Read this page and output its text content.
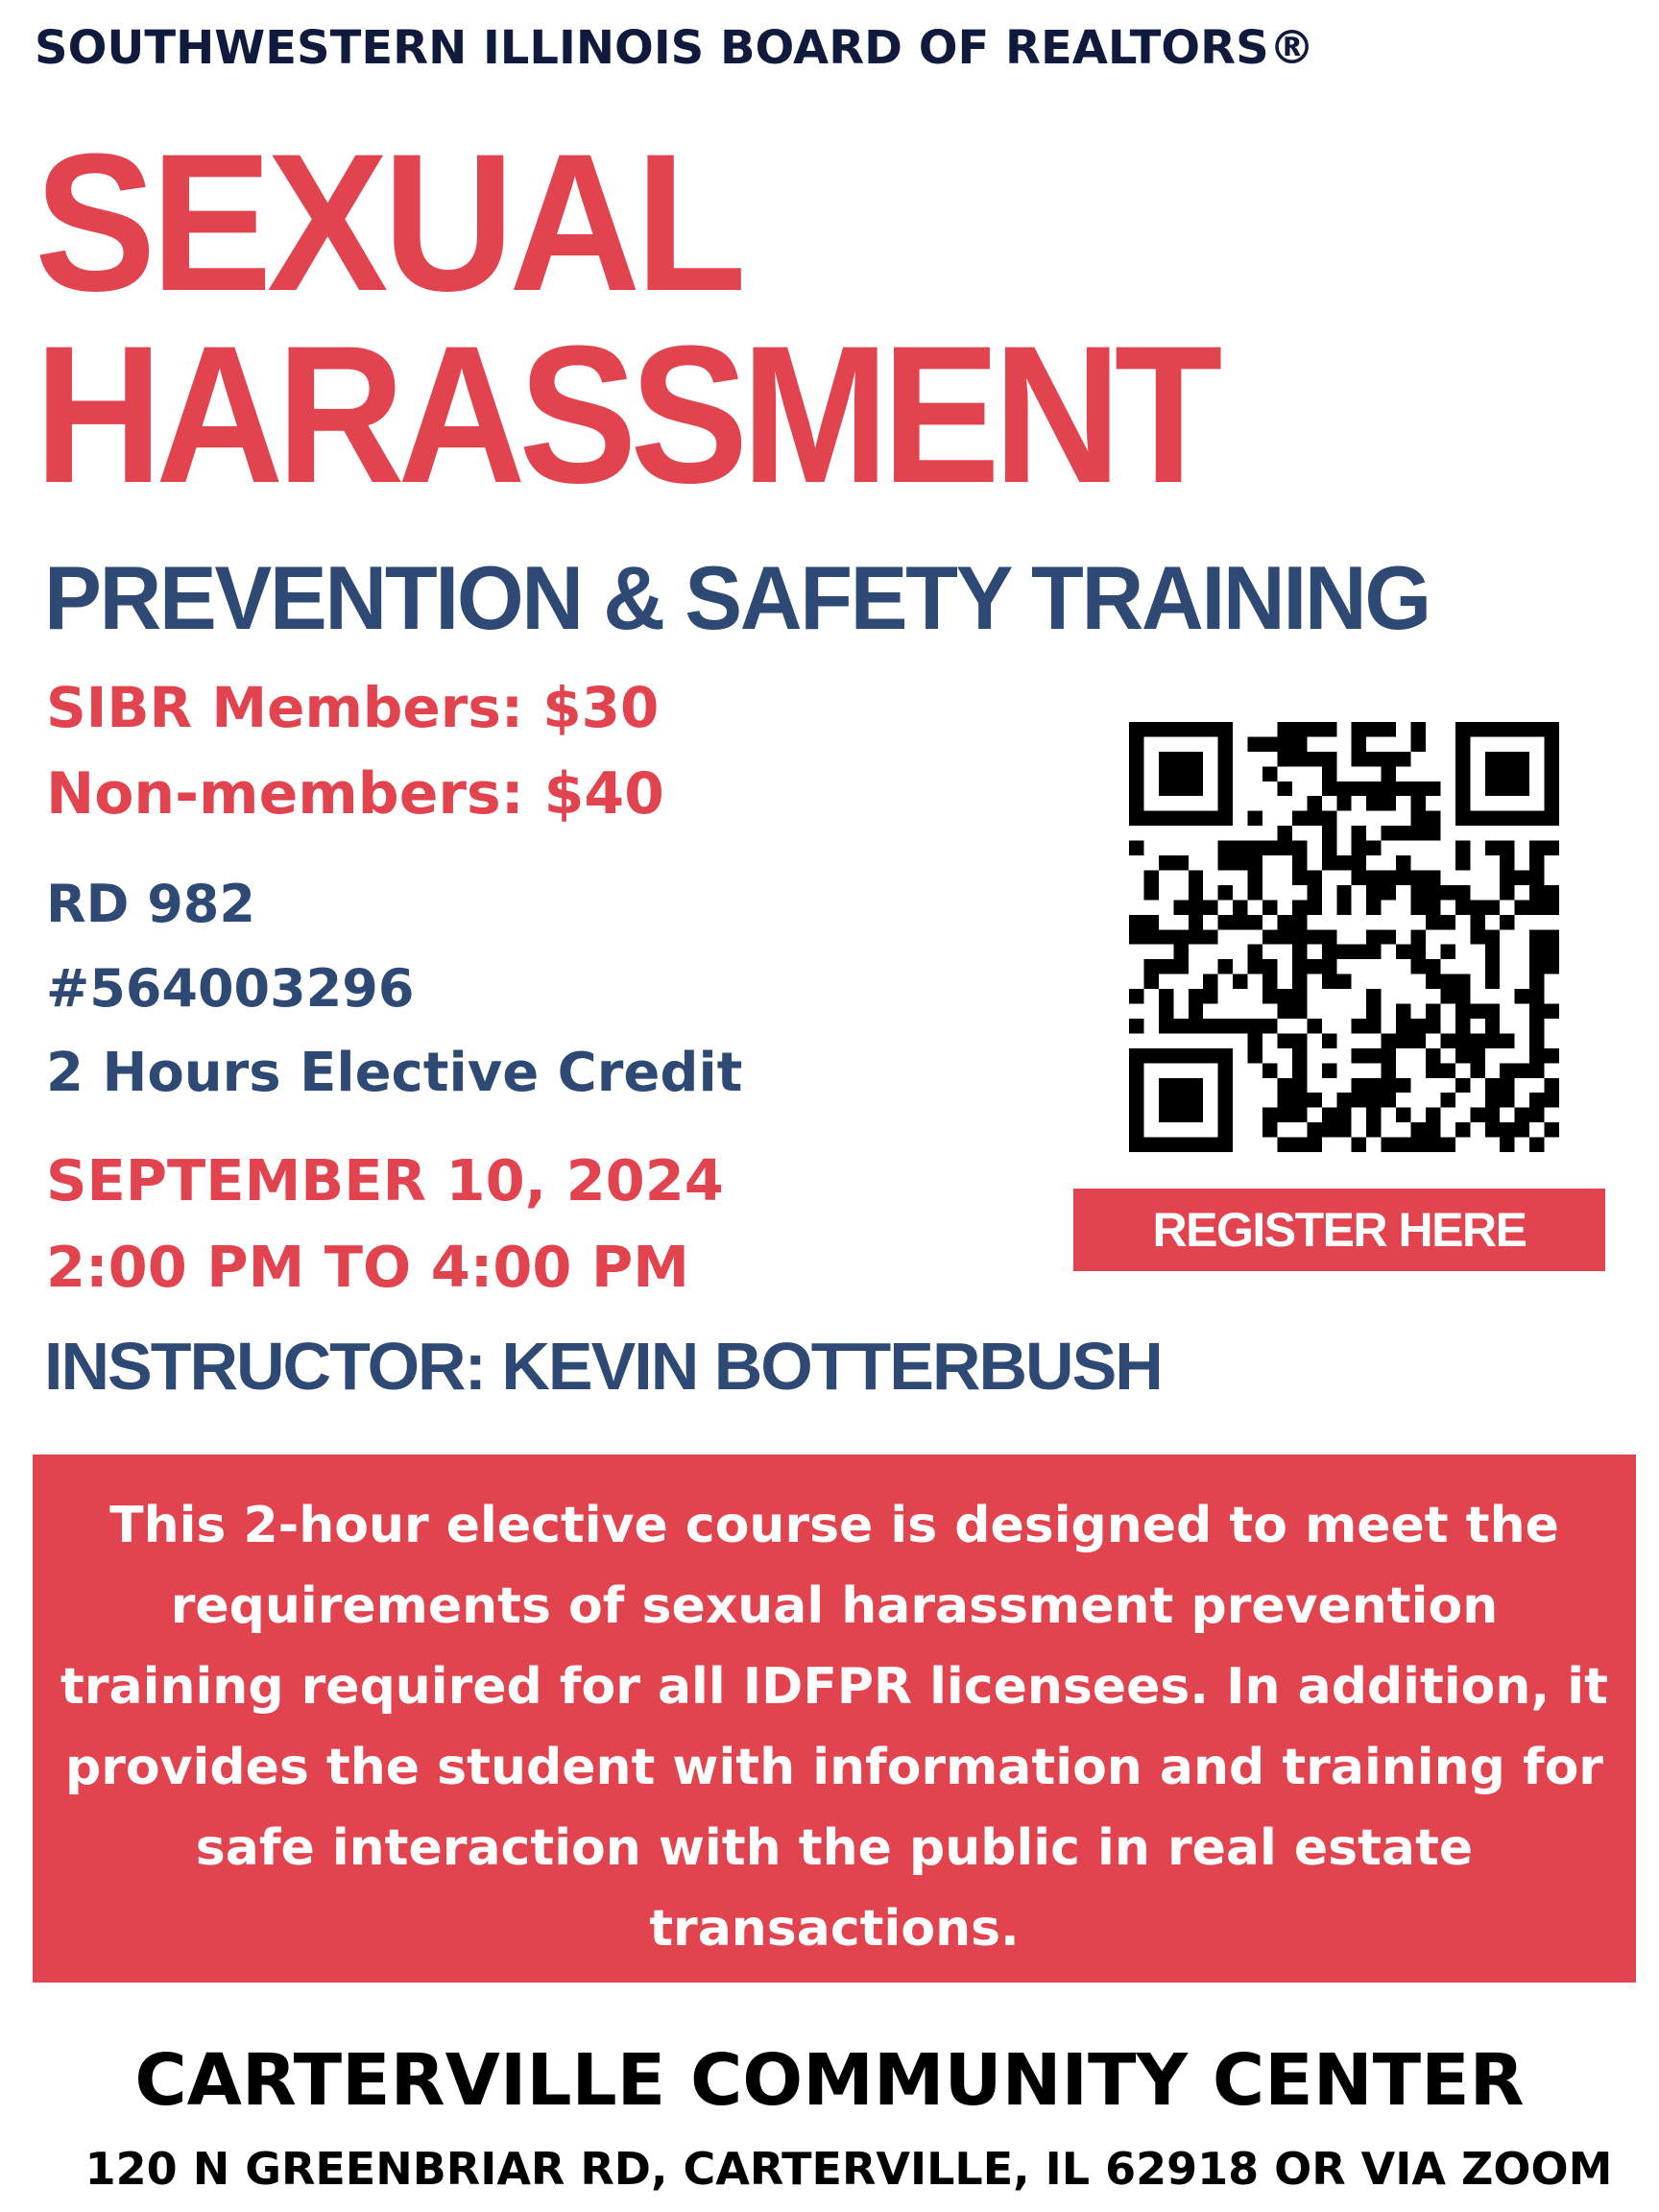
SOUTHWESTERN ILLINOIS BOARD OF REALTORS®
SEXUAL
HARASSMENT
PREVENTION & SAFETY TRAINING
SIBR Members: $30
Non-members: $40
RD 982
#564003296
2 Hours Elective Credit
SEPTEMBER 10, 2024
2:00 PM TO 4:00 PM
INSTRUCTOR: KEVIN BOTTERBUSH
REGISTER HERE

This 2-hour elective course is designed to meet the requirements of sexual harassment prevention training required for all IDFPR licensees. In addition, it provides the student with information and training for safe interaction with the public in real estate transactions.

CARTERVILLE COMMUNITY CENTER
120 N GREENBRIAR RD, CARTERVILLE, IL 62918 OR VIA ZOOM
